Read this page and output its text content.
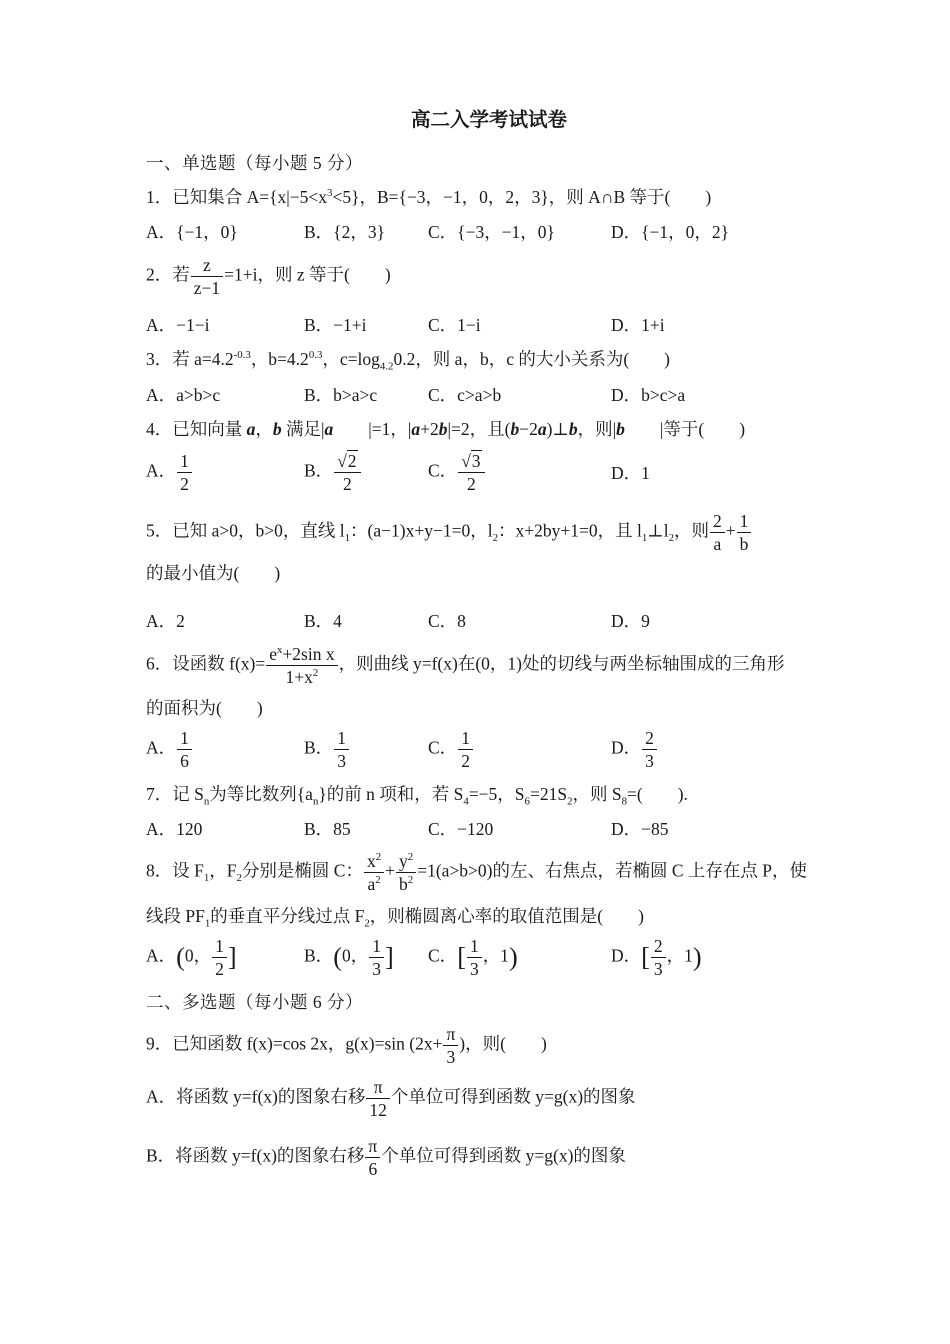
高二入学考试试卷

一、单选题（每小题 5 分）

1．已知集合 $A=\{x|-5<x^3<5\}$，B={−3，−1，0，2，3}，则 A∩B 等于(　　)

A．{−1，0}	B．{2，3}	C．{−3，−1，0}	D．{−1，0，2}

2．若 $\frac{z}{z-1} =1+i$，则 z 等于(　　)

A．−1−i	B．−1+i	C．1−i	D．1+i

3．若 $a=4.2^{-0.3}$，$b=4.2^{0.3}$，$c=\log_{4.2}0.2$，则 a，b，c 的大小关系为(　　)

A．a>b>c	B．b>a>c	C．c>a>b	D．b>c>a

4．已知向量 a，b 满足|a　　|=1，|a+2b|=2，且(b−2a)⊥b，则|b　　|等于(　　)

A． $\frac{1}{2}$	B． $\frac{√2}{2}$	C． $\frac{√3}{2}$	D．1

5．已知 a>0，b>0，直线 $l_1$：(a−1)x+y−1=0，$l_2$：x+2by+1=0，且 $l_1\perp l_2$，则 $\frac{2}{a} + \frac{1}{b}$

的最小值为(　　)

A．2	B．4	C．8	D．9

6．设函数 $f(x)= \frac{e^x+2\sin x}{1+x^2}$ ，则曲线 y=f(x)在(0，1)处的切线与两坐标轴围成的三角形

的面积为(　　)

A． $\frac{1}{6}$	B． $\frac{1}{3}$	C． $\frac{1}{2}$	D． $\frac{2}{3}$

7．记 $S_n$为等比数列$\{a_n\}$的前 n 项和，若 $S_4=-5$，$S_6=21S_2$，则 $S_8=$(　　).

A．120	B．85	C．−120	D．−85

8．设 $F_1$，$F_2$分别是椭圆 C： $\frac{x^2}{a^2} + \frac{y^2}{b^2} =1(a>b>0)$的左、右焦点，若椭圆 C 上存在点 P，使

线段 $PF_1$的垂直平分线过点 $F_2$，则椭圆离心率的取值范围是(　　)

A．(0， $\frac{1}{2}$ ]	B．(0， $\frac{1}{3}$ ]	C．[ $\frac{1}{3}$ ，1)	D．[ $\frac{2}{3}$ ，1)

二、多选题（每小题 6 分）

9．已知函数 f(x)=cos 2x，g(x)=sin ($2x+ \frac{\pi}{3}$ )，则(　　)

A．将函数 y=f(x)的图象右移 $\frac{\pi}{12}$ 个单位可得到函数 y=g(x)的图象

B．将函数 y=f(x)的图象右移 $\frac{\pi}{6}$ 个单位可得到函数 y=g(x)的图象
